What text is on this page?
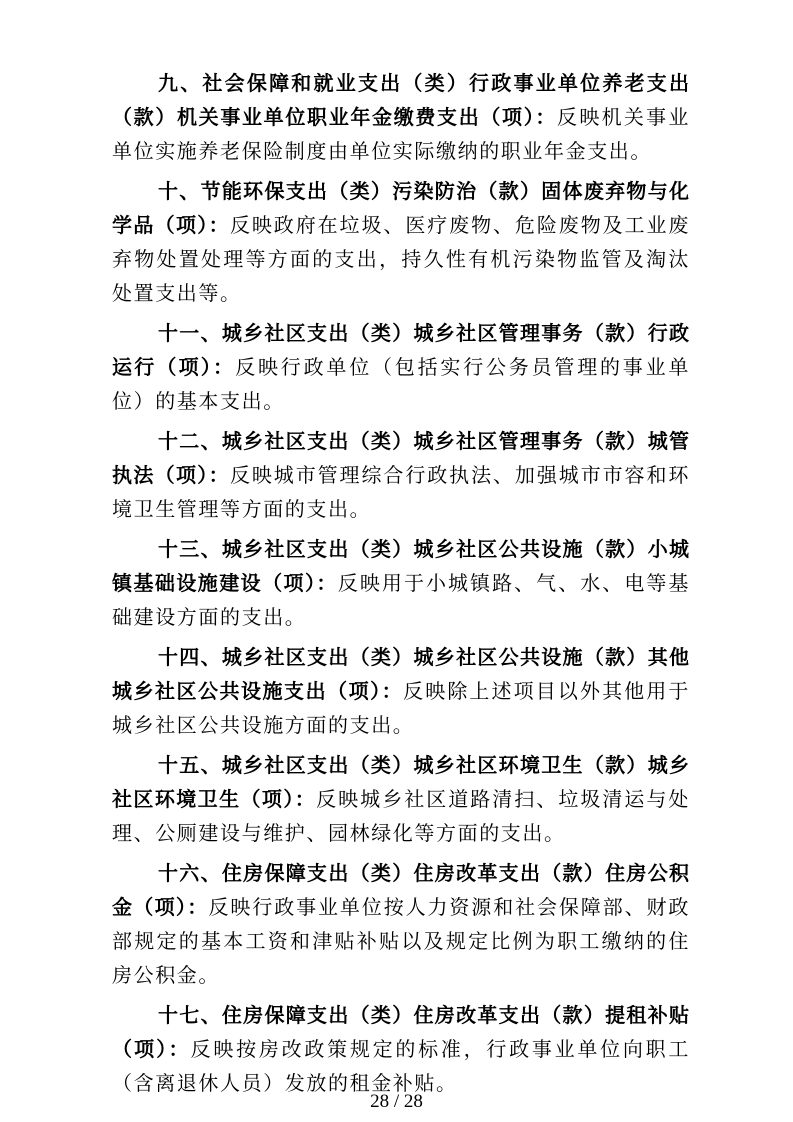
九、社会保障和就业支出（类）行政事业单位养老支出（款）机关事业单位职业年金缴费支出（项）：反映机关事业单位实施养老保险制度由单位实际缴纳的职业年金支出。

十、节能环保支出（类）污染防治（款）固体废弃物与化学品（项）：反映政府在垃圾、医疗废物、危险废物及工业废弃物处置处理等方面的支出，持久性有机污染物监管及淘汰处置支出等。

十一、城乡社区支出（类）城乡社区管理事务（款）行政运行（项）：反映行政单位（包括实行公务员管理的事业单位）的基本支出。

十二、城乡社区支出（类）城乡社区管理事务（款）城管执法（项）：反映城市管理综合行政执法、加强城市市容和环境卫生管理等方面的支出。

十三、城乡社区支出（类）城乡社区公共设施（款）小城镇基础设施建设（项）：反映用于小城镇路、气、水、电等基础建设方面的支出。

十四、城乡社区支出（类）城乡社区公共设施（款）其他城乡社区公共设施支出（项）：反映除上述项目以外其他用于城乡社区公共设施方面的支出。

十五、城乡社区支出（类）城乡社区环境卫生（款）城乡社区环境卫生（项）：反映城乡社区道路清扫、垃圾清运与处理、公厕建设与维护、园林绿化等方面的支出。

十六、住房保障支出（类）住房改革支出（款）住房公积金（项）：反映行政事业单位按人力资源和社会保障部、财政部规定的基本工资和津贴补贴以及规定比例为职工缴纳的住房公积金。

十七、住房保障支出（类）住房改革支出（款）提租补贴（项）：反映按房改政策规定的标准，行政事业单位向职工（含离退休人员）发放的租金补贴。

28 / 28
